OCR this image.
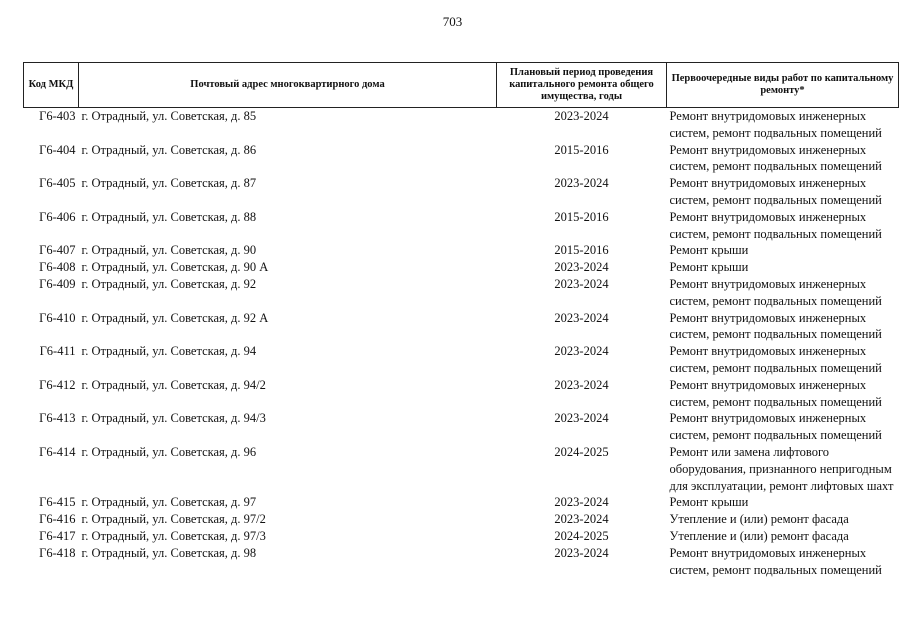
703
Код МКД	Почтовый адрес многоквартирного дома	Плановый период проведения капитального ремонта общего имущества, годы	Первоочередные виды работ по капитальному ремонту*
Г6-403	г. Отрадный, ул. Советская, д. 85	2023-2024	Ремонт внутридомовых инженерных систем, ремонт подвальных помещений
Г6-404	г. Отрадный, ул. Советская, д. 86	2015-2016	Ремонт внутридомовых инженерных систем, ремонт подвальных помещений
Г6-405	г. Отрадный, ул. Советская, д. 87	2023-2024	Ремонт внутридомовых инженерных систем, ремонт подвальных помещений
Г6-406	г. Отрадный, ул. Советская, д. 88	2015-2016	Ремонт внутридомовых инженерных систем, ремонт подвальных помещений
Г6-407	г. Отрадный, ул. Советская, д. 90	2015-2016	Ремонт крыши
Г6-408	г. Отрадный, ул. Советская, д. 90 А	2023-2024	Ремонт крыши
Г6-409	г. Отрадный, ул. Советская, д. 92	2023-2024	Ремонт внутридомовых инженерных систем, ремонт подвальных помещений
Г6-410	г. Отрадный, ул. Советская, д. 92 А	2023-2024	Ремонт внутридомовых инженерных систем, ремонт подвальных помещений
Г6-411	г. Отрадный, ул. Советская, д. 94	2023-2024	Ремонт внутридомовых инженерных систем, ремонт подвальных помещений
Г6-412	г. Отрадный, ул. Советская, д. 94/2	2023-2024	Ремонт внутридомовых инженерных систем, ремонт подвальных помещений
Г6-413	г. Отрадный, ул. Советская, д. 94/3	2023-2024	Ремонт внутридомовых инженерных систем, ремонт подвальных помещений
Г6-414	г. Отрадный, ул. Советская, д. 96	2024-2025	Ремонт или замена лифтового оборудования, признанного непригодным для эксплуатации, ремонт лифтовых шахт
Г6-415	г. Отрадный, ул. Советская, д. 97	2023-2024	Ремонт крыши
Г6-416	г. Отрадный, ул. Советская, д. 97/2	2023-2024	Утепление и (или) ремонт фасада
Г6-417	г. Отрадный, ул. Советская, д. 97/3	2024-2025	Утепление и (или) ремонт фасада
Г6-418	г. Отрадный, ул. Советская, д. 98	2023-2024	Ремонт внутридомовых инженерных систем, ремонт подвальных помещений
